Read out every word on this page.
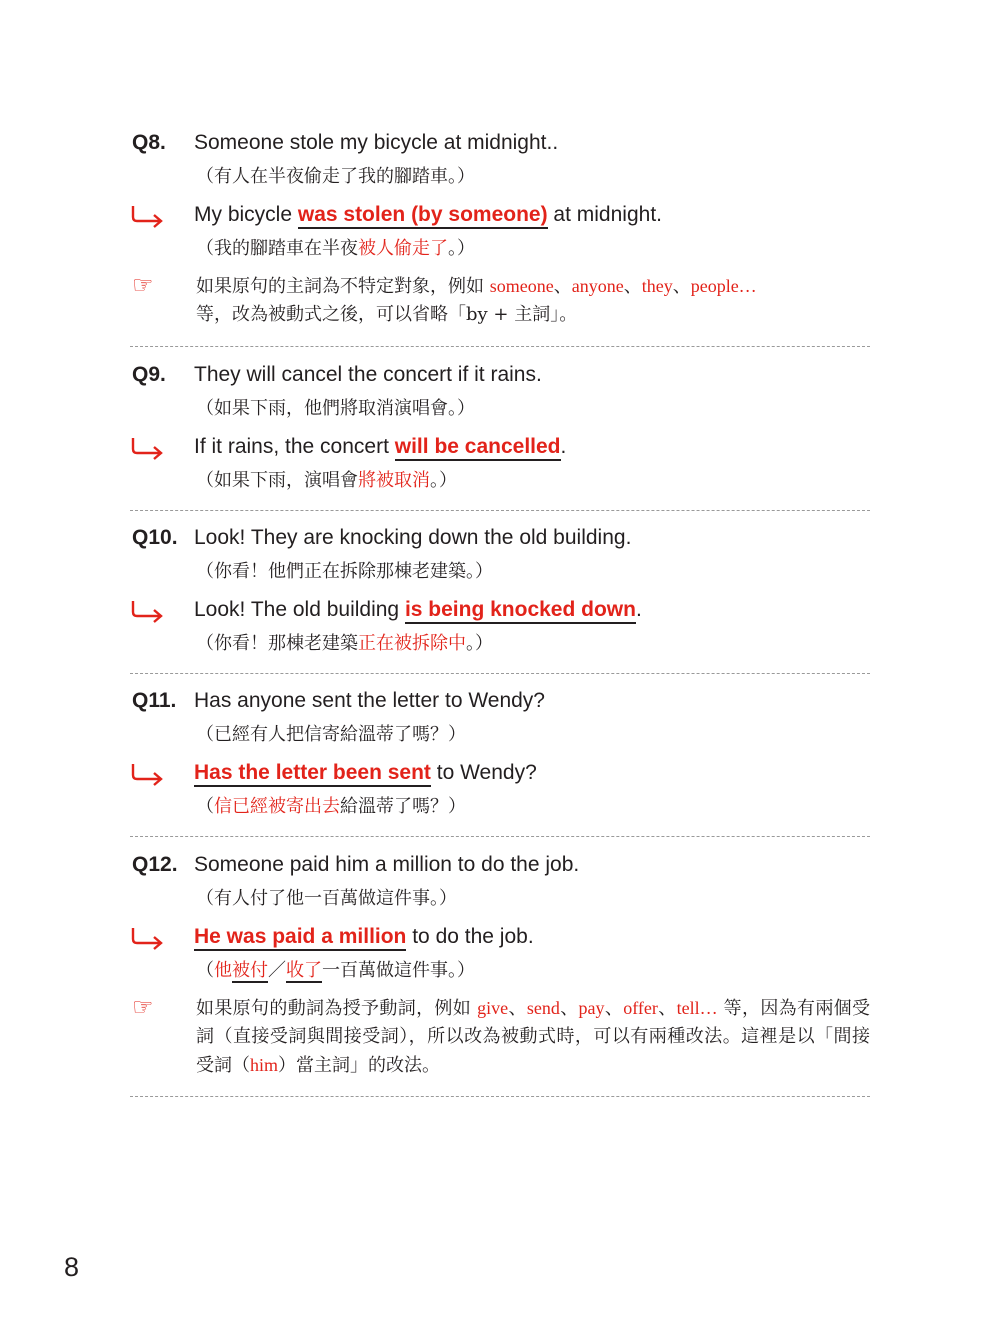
Q8. Someone stole my bicycle at midnight..
（有人在半夜偷走了我的腳踏車。）
My bicycle was stolen (by someone) at midnight.
（我的腳踏車在半夜被人偷走了。）
☞ 如果原句的主詞為不特定對象，例如 someone、anyone、they、people…
等，改為被動式之後，可以省略「by + 主詞」。
Q9. They will cancel the concert if it rains.
（如果下雨，他們將取消演唱會。）
If it rains, the concert will be cancelled.
（如果下雨，演唱會將被取消。）
Q10. Look! They are knocking down the old building.
（你看！他們正在拆除那棟老建築。）
Look! The old building is being knocked down.
（你看！那棟老建築正在被拆除中。）
Q11. Has anyone sent the letter to Wendy?
（已經有人把信寄給溫蒂了嗎？）
Has the letter been sent to Wendy?
（信已經被寄出去給溫蒂了嗎？）
Q12. Someone paid him a million to do the job.
（有人付了他一百萬做這件事。）
He was paid a million to do the job.
（他被付／收了一百萬做這件事。）
☞ 如果原句的動詞為授予動詞，例如 give、send、pay、offer、tell… 等，因為有兩個受詞（直接受詞與間接受詞），所以改為被動式時，可以有兩種改法。這裡是以「間接受詞（him）當主詞」的改法。
8
